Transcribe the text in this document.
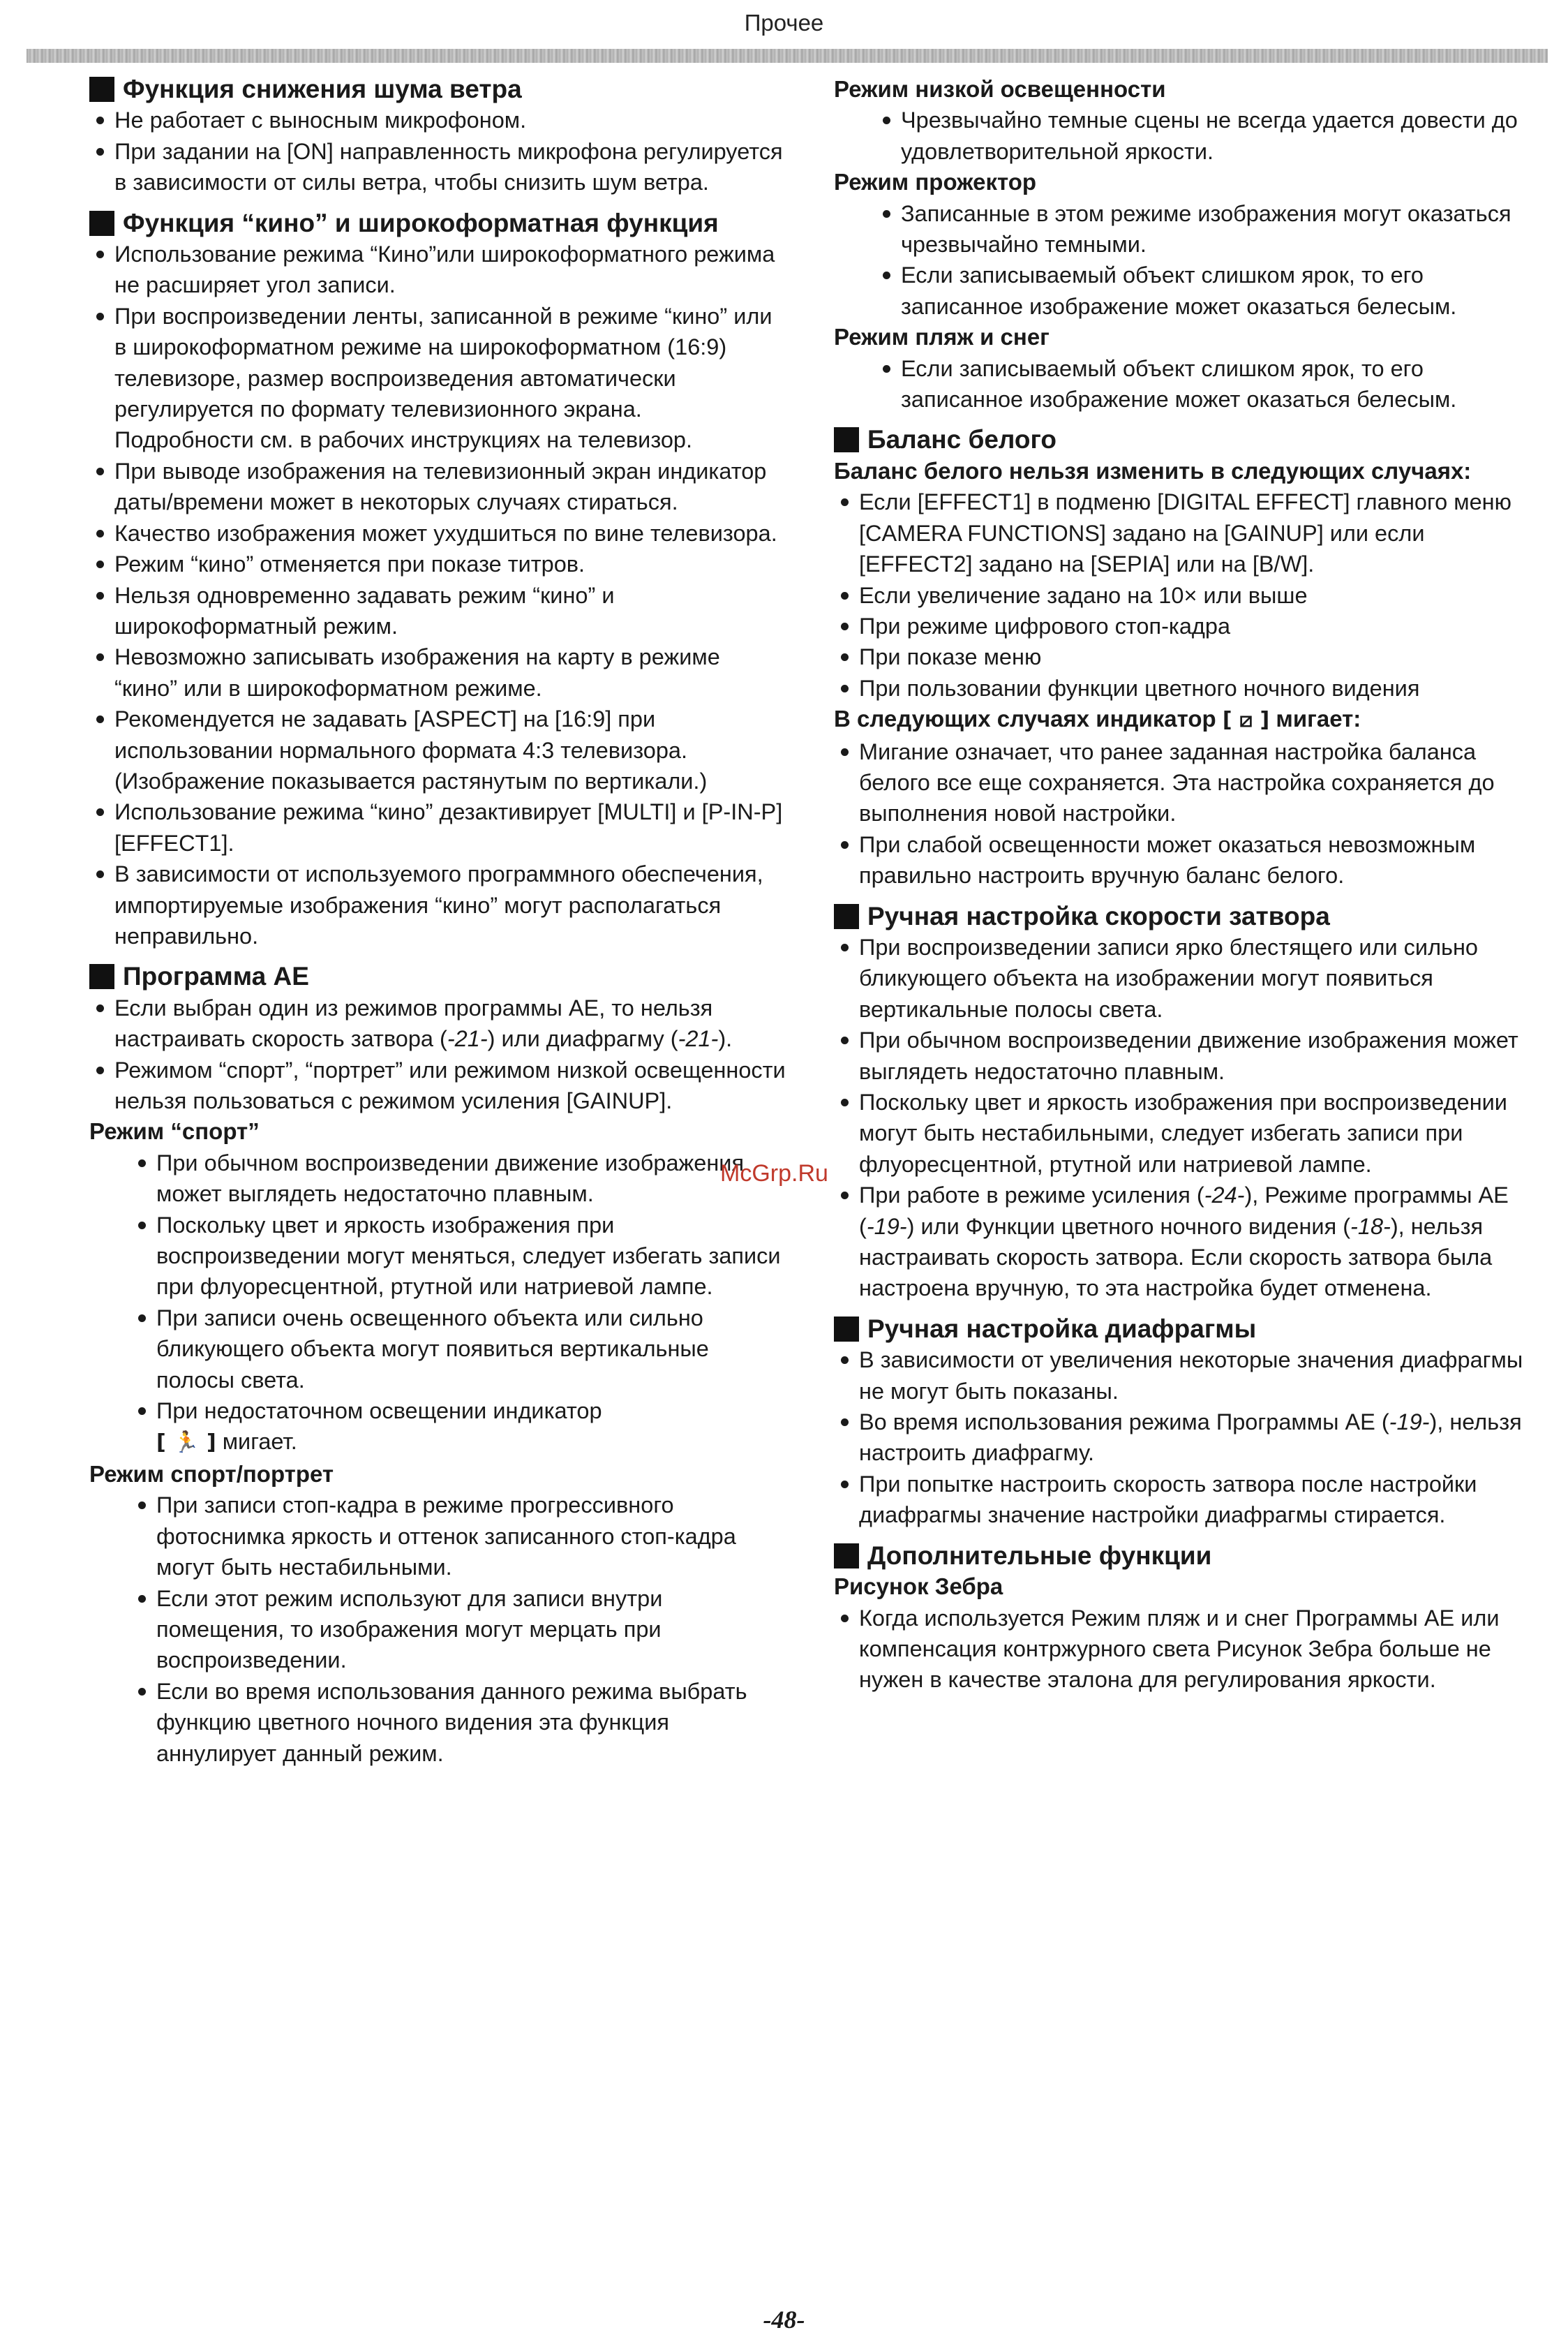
Прочее
Функция снижения шума ветра
Не работает с выносным микрофоном.
При задании на [ON] направленность микрофона регулируется в зависимости от силы ветра, чтобы снизить шум ветра.
Функция “кино” и широкоформатная функция
Использование режима “Кино”или широкоформатного режима не расширяет угол записи.
При воспроизведении ленты, записанной в режиме “кино” или в широкоформатном режиме на широкоформатном (16:9) телевизоре, размер воспроизведения автоматически регулируется по формату телевизионного экрана. Подробности см. в рабочих инструкциях на телевизор.
При выводе изображения на телевизионный экран индикатор даты/времени может в некоторых случаях стираться.
Качество изображения может ухудшиться по вине телевизора.
Режим “кино” отменяется при показе титров.
Нельзя одновременно задавать режим “кино” и широкоформатный режим.
Невозможно записывать изображения на карту в режиме “кино” или в широкоформатном режиме.
Рекомендуется не задавать [ASPECT] на [16:9] при использовании нормального формата 4:3 телевизора. (Изображение показывается растянутым по вертикали.)
Использование режима “кино” дезактивирует [MULTI] и [P-IN-P] [EFFECT1].
В зависимости от используемого программного обеспечения, импортируемые изображения “кино” могут располагаться неправильно.
Программа AE
Если выбран один из режимов программы AE, то нельзя настраивать скорость затвора (-21-) или диафрагму (-21-).
Режимом “спорт”, “портрет” или режимом низкой освещенности нельзя пользоваться с режимом усиления [GAINUP].
Режим “спорт”
При обычном воспроизведении движение изображения может выглядеть недостаточно плавным.
Поскольку цвет и яркость изображения при воспроизведении могут меняться, следует избегать записи при флуоресцентной, ртутной или натриевой лампе.
При записи очень освещенного объекта или сильно бликующего объекта могут появиться вертикальные полосы света.
При недостаточном освещении индикатор
[ 🏃 ] мигает.
Режим спорт/портрет
При записи стоп-кадра в режиме прогрессивного фотоснимка яркость и оттенок записанного стоп-кадра могут быть нестабильными.
Если этот режим используют для записи внутри помещения, то изображения могут мерцать при воспроизведении.
Если во время использования данного режима выбрать функцию цветного ночного видения эта функция аннулирует данный режим.
Режим низкой освещенности
Чрезвычайно темные сцены не всегда удается довести до удовлетворительной яркости.
Режим прожектор
Записанные в этом режиме изображения могут оказаться чрезвычайно темными.
Если записываемый объект слишком ярок, то его записанное изображение может оказаться белесым.
Режим пляж и снег
Если записываемый объект слишком ярок, то его записанное изображение может оказаться белесым.
Баланс белого
Баланс белого нельзя изменить в следующих случаях:
Если [EFFECT1] в подменю [DIGITAL EFFECT] главного меню [CAMERA FUNCTIONS] задано на [GAINUP] или если [EFFECT2] задано на [SEPIA] или на [B/W].
Если увеличение задано на 10× или выше
При режиме цифрового стоп-кадра
При показе меню
При пользовании функции цветного ночного видения
В следующих случаях индикатор [ ⧄ ] мигает:
Мигание означает, что ранее заданная настройка баланса белого все еще сохраняется. Эта настройка сохраняется до выполнения новой настройки.
При слабой освещенности может оказаться невозможным правильно настроить вручную баланс белого.
Ручная настройка скорости затвора
При воспроизведении записи ярко блестящего или сильно бликующего объекта на изображении могут появиться вертикальные полосы света.
При обычном воспроизведении движение изображения может выглядеть недостаточно плавным.
Поскольку цвет и яркость изображения при воспроизведении могут быть нестабильными, следует избегать записи при флуоресцентной, ртутной или натриевой лампе.
При работе в режиме усиления (-24-), Режиме программы AE (-19-) или Функции цветного ночного видения (-18-), нельзя настраивать скорость затвора. Если скорость затвора была настроена вручную, то эта настройка будет отменена.
Ручная настройка диафрагмы
В зависимости от увеличения некоторые значения диафрагмы не могут быть показаны.
Во время использования режима Программы AE (-19-), нельзя настроить диафрагму.
При попытке настроить скорость затвора после настройки диафрагмы значение настройки диафрагмы стирается.
Дополнительные функции
Рисунок Зебра
Когда используется Режим пляж и и снег Программы AE или компенсация контржурного света Рисунок Зебра больше не нужен в качестве эталона для регулирования яркости.
McGrp.Ru
-48-
